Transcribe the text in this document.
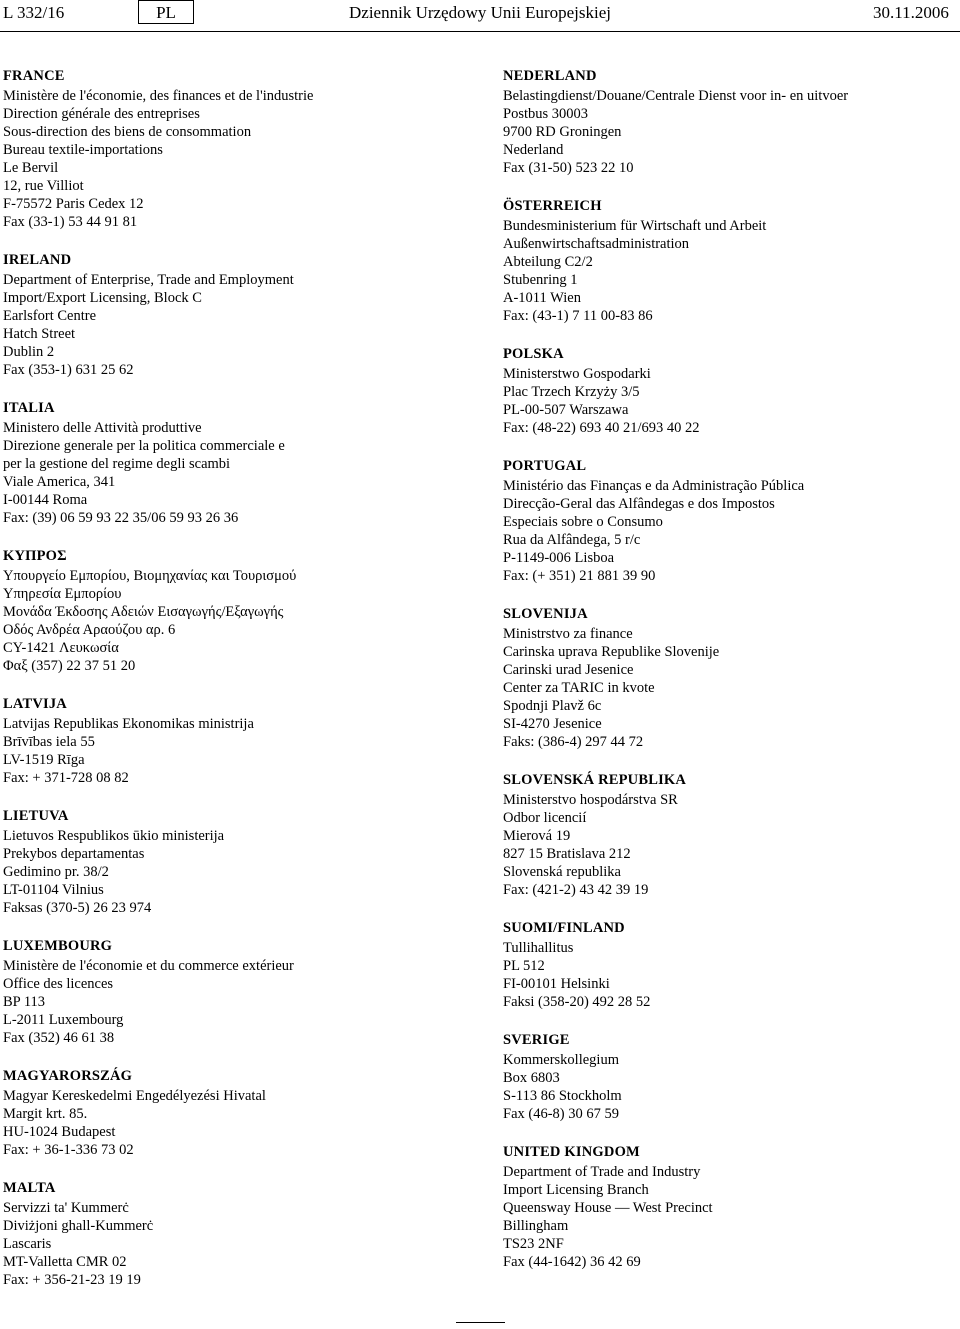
L 332/16	PL	Dziennik Urzędowy Unii Europejskiej	30.11.2006
FRANCE
Ministère de l'économie, des finances et de l'industrie
Direction générale des entreprises
Sous-direction des biens de consommation
Bureau textile-importations
Le Bervil
12, rue Villiot
F-75572 Paris Cedex 12
Fax (33-1) 53 44 91 81
IRELAND
Department of Enterprise, Trade and Employment
Import/Export Licensing, Block C
Earlsfort Centre
Hatch Street
Dublin 2
Fax (353-1) 631 25 62
ITALIA
Ministero delle Attività produttive
Direzione generale per la politica commerciale e
per la gestione del regime degli scambi
Viale America, 341
I-00144 Roma
Fax: (39) 06 59 93 22 35/06 59 93 26 36
ΚΥΠΡΟΣ
Υπουργείο Εμπορίου, Βιομηχανίας και Τουρισμού
Υπηρεσία Εμπορίου
Μονάδα Έκδοσης Αδειών Εισαγωγής/Εξαγωγής
Οδός Ανδρέα Αραούζου αρ. 6
CY-1421 Λευκωσία
Φαξ (357) 22 37 51 20
LATVIJA
Latvijas Republikas Ekonomikas ministrija
Brīvības iela 55
LV-1519 Rīga
Fax: + 371-728 08 82
LIETUVA
Lietuvos Respublikos ūkio ministerija
Prekybos departamentas
Gedimino pr. 38/2
LT-01104 Vilnius
Faksas (370-5) 26 23 974
LUXEMBOURG
Ministère de l'économie et du commerce extérieur
Office des licences
BP 113
L-2011 Luxembourg
Fax (352) 46 61 38
MAGYARORSZÁG
Magyar Kereskedelmi Engedélyezési Hivatal
Margit krt. 85.
HU-1024 Budapest
Fax: + 36-1-336 73 02
MALTA
Servizzi ta' Kummerċ
Diviżjoni ghall-Kummerċ
Lascaris
MT-Valletta CMR 02
Fax: + 356-21-23 19 19
NEDERLAND
Belastingdienst/Douane/Centrale Dienst voor in- en uitvoer
Postbus 30003
9700 RD Groningen
Nederland
Fax (31-50) 523 22 10
ÖSTERREICH
Bundesministerium für Wirtschaft und Arbeit
Außenwirtschaftsadministration
Abteilung C2/2
Stubenring 1
A-1011 Wien
Fax: (43-1) 7 11 00-83 86
POLSKA
Ministerstwo Gospodarki
Plac Trzech Krzyży 3/5
PL-00-507 Warszawa
Fax: (48-22) 693 40 21/693 40 22
PORTUGAL
Ministério das Finanças e da Administração Pública
Direcção-Geral das Alfândegas e dos Impostos
Especiais sobre o Consumo
Rua da Alfândega, 5 r/c
P-1149-006 Lisboa
Fax: (+ 351) 21 881 39 90
SLOVENIJA
Ministrstvo za finance
Carinska uprava Republike Slovenije
Carinski urad Jesenice
Center za TARIC in kvote
Spodnji Plavž 6c
SI-4270 Jesenice
Faks: (386-4) 297 44 72
SLOVENSKÁ REPUBLIKA
Ministerstvo hospodárstva SR
Odbor licencií
Mierová 19
827 15 Bratislava 212
Slovenská republika
Fax: (421-2) 43 42 39 19
SUOMI/FINLAND
Tullihallitus
PL 512
FI-00101 Helsinki
Faksi (358-20) 492 28 52
SVERIGE
Kommerskollegium
Box 6803
S-113 86 Stockholm
Fax (46-8) 30 67 59
UNITED KINGDOM
Department of Trade and Industry
Import Licensing Branch
Queensway House — West Precinct
Billingham
TS23 2NF
Fax (44-1642) 36 42 69
